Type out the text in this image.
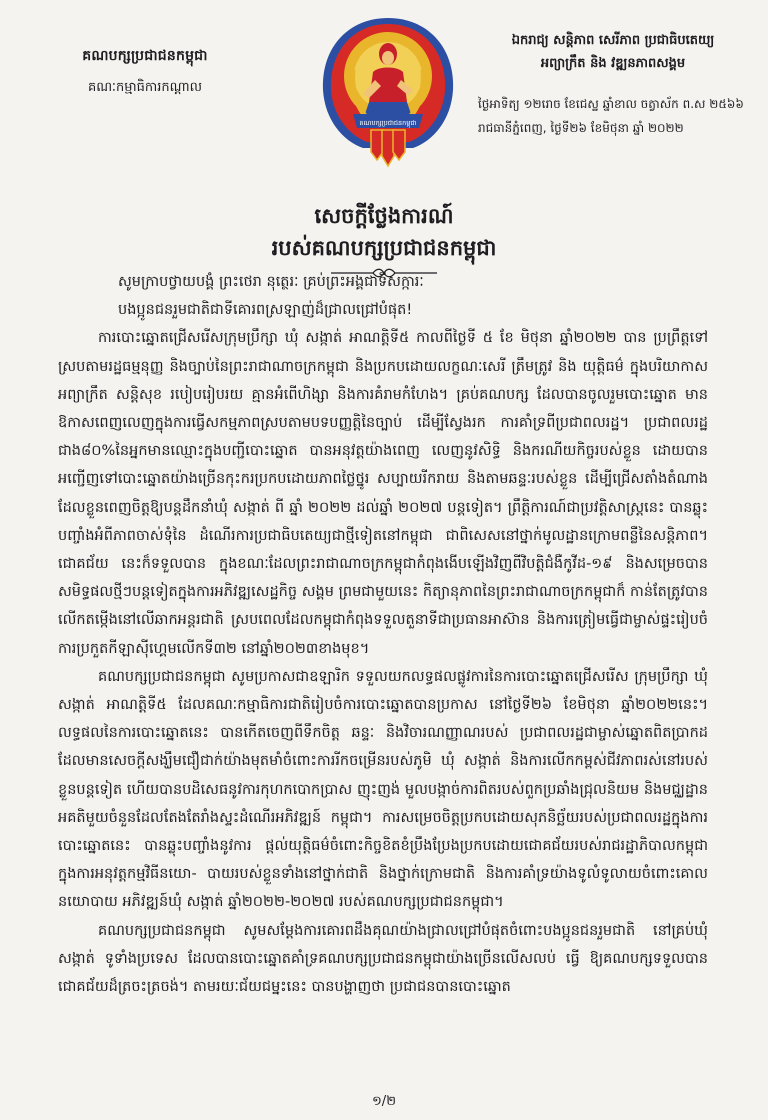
គណបក្សប្រជាជនកម្ពុជា
គណៈកម្មាធិការកណ្ដាល
គណបក្សប្រជាជនកម្ពុជា
ឯករាជ្យ សន្តិភាព សេរីភាព ប្រជាធិបតេយ្យ
អព្យាក្រឹត និង វឌ្ឍនភាពសង្គម
ថ្ងៃអាទិត្យ ១២រោច ខែជេស្ឋ ឆ្នាំខាល ចត្វាស័ក ព.ស ២៥៦៦
រាជធានីភ្នំពេញ, ថ្ងៃទី២៦ ខែមិថុនា ឆ្នាំ ២០២២
សេចក្ដីថ្លែងការណ៍
របស់គណបក្សប្រជាជនកម្ពុជា

សូមក្រាបថ្វាយបង្គំ ព្រះថេរា នុត្ថេរៈ គ្រប់ព្រះអង្គជាទីសក្ការៈ

បងប្អូនជនរួមជាតិជាទីគោរពស្រឡាញ់ដ៏ជ្រាលជ្រៅបំផុត!

ការបោះឆ្នោតជ្រើសរើសក្រុមប្រឹក្សា ឃុំ សង្កាត់ អាណត្តិទី៥ កាលពីថ្ងៃទី ៥ ខែ មិថុនា ឆ្នាំ២០២២ បាន ប្រព្រឹត្តទៅស្របតាមរដ្ឋធម្មនុញ្ញ និងច្បាប់នៃព្រះរាជាណាចក្រកម្ពុជា និងប្រកបដោយលក្ខណៈសេរី ត្រឹមត្រូវ និង យុត្តិធម៌ ក្នុងបរិយាកាស អព្យាក្រឹត សន្តិសុខ របៀបរៀបរយ គ្មានអំពើហិង្សា និងការគំរាមកំហែង។ គ្រប់គណបក្ស ដែលបានចូលរួមបោះឆ្នោត មានឱកាសពេញលេញក្នុងការធ្វើសកម្មភាពស្របតាមបទបញ្ញត្តិនៃច្បាប់ ដើម្បីស្វែងរក ការគាំទ្រពីប្រជាពលរដ្ឋ។ ប្រជាពលរដ្ឋជាង៨០%នៃអ្នកមានឈ្មោះក្នុងបញ្ជីបោះឆ្នោត បានអនុវត្តយ៉ាងពេញ លេញនូវសិទ្ធិ និងករណីយកិច្ចរបស់ខ្លួន ដោយបានអញ្ជើញទៅបោះឆ្នោតយ៉ាងច្រើនកុះករប្រកបដោយភាពថ្លៃថ្នូរ សប្បាយរីករាយ និងតាមឆន្ទៈរបស់ខ្លួន ដើម្បីជ្រើសតាំងតំណាងដែលខ្លួនពេញចិត្តឱ្យបន្តដឹកនាំឃុំ សង្កាត់ ពី ឆ្នាំ ២០២២ ដល់ឆ្នាំ ២០២៧ បន្តទៀត។ ព្រឹត្តិការណ៍ជាប្រវត្តិសាស្ត្រនេះ បានឆ្លុះបញ្ចាំងអំពីភាពចាស់ទុំនៃ ដំណើរការប្រជាធិបតេយ្យជាថ្មីទៀតនៅកម្ពុជា ជាពិសេសនៅថ្នាក់មូលដ្ឋានក្រោមពន្លឺនៃសន្តិភាព។ ជោគជ័យ នេះក៏ទទួលបាន ក្នុងខណៈដែលព្រះរាជាណាចក្រកម្ពុជាកំពុងងើបឡើងវិញពីវិបត្តិជំងឺកូវីដ-១៩ និងសម្រេចបាន សមិទ្ធផលថ្មីៗបន្តទៀតក្នុងការអភិវឌ្ឍសេដ្ឋកិច្ច សង្គម ព្រមជាមួយនេះ កិត្យានុភាពនៃព្រះរាជាណាចក្រកម្ពុជាក៏ កាន់តែត្រូវបានលើកតម្កើងនៅលើឆាកអន្តរជាតិ ស្របពេលដែលកម្ពុជាកំពុងទទួលតួនាទីជាប្រធានអាស៊ាន និងការត្រៀមធ្វើជាម្ចាស់ផ្ទះរៀបចំការប្រកួតកីឡាស៊ីហ្គេមលើកទី៣២ នៅឆ្នាំ២០២៣ខាងមុខ។

គណបក្សប្រជាជនកម្ពុជា សូមប្រកាសជាឧឡារិក ទទួលយកលទ្ធផលផ្លូវការនៃការបោះឆ្នោតជ្រើសរើស ក្រុមប្រឹក្សា ឃុំ សង្កាត់ អាណត្តិទី៥ ដែលគណៈកម្មាធិការជាតិរៀបចំការបោះឆ្នោតបានប្រកាស នៅថ្ងៃទី២៦ ខែមិថុនា ឆ្នាំ២០២២នេះ។ លទ្ធផលនៃការបោះឆ្នោតនេះ បានកើតចេញពីទឹកចិត្ត ឆន្ទៈ និងវិចារណញ្ញាណរបស់ ប្រជាពលរដ្ឋជាម្ចាស់ឆ្នោតពិតប្រាកដ ដែលមានសេចក្ដីសង្ឃឹមជឿជាក់យ៉ាងមុតមាំចំពោះការរីកចម្រើនរបស់ភូមិ ឃុំ សង្កាត់ និងការលើកកម្ពស់ជីវភាពរស់នៅរបស់ខ្លួនបន្តទៀត ហើយបានបដិសេធនូវការកុហកបោកប្រាស ញុះញង់ មួលបង្កាច់ការពិតរបស់ពួកប្រឆាំងជ្រុលនិយម និងមជ្ឈដ្ឋានអគតិមួយចំនួនដែលតែងតែរាំងស្ទះដំណើរអភិវឌ្ឍន៍ កម្ពុជា។ ការសម្រេចចិត្តប្រកបដោយសុភនិច្ឆ័យរបស់ប្រជាពលរដ្ឋក្នុងការបោះឆ្នោតនេះ បានឆ្លុះបញ្ចាំងនូវការ ផ្ដល់យុត្តិធម៌ចំពោះកិច្ចខិតខំប្រឹងប្រែងប្រកបដោយជោគជ័យរបស់រាជរដ្ឋាភិបាលកម្ពុជា ក្នុងការអនុវត្តកម្មវិធីនយោ- បាយរបស់ខ្លួនទាំងនៅថ្នាក់ជាតិ និងថ្នាក់ក្រោមជាតិ និងការគាំទ្រយ៉ាងទូលំទូលាយចំពោះគោលនយោបាយ អភិវឌ្ឍន៍ឃុំ សង្កាត់ ឆ្នាំ២០២២-២០២៧ របស់គណបក្សប្រជាជនកម្ពុជា។

គណបក្សប្រជាជនកម្ពុជា សូមសម្ដែងការគោរពដឹងគុណយ៉ាងជ្រាលជ្រៅបំផុតចំពោះបងប្អូនជនរួមជាតិ នៅគ្រប់ឃុំ សង្កាត់ ទូទាំងប្រទេស ដែលបានបោះឆ្នោតគាំទ្រគណបក្សប្រជាជនកម្ពុជាយ៉ាងច្រើនលើសលប់ ធ្វើ ឱ្យគណបក្សទទួលបានជោគជ័យដ៏ត្រចះត្រចង់។ តាមរយៈជ័យជម្នះនេះ បានបង្ហាញថា ប្រជាជនបានបោះឆ្នោត

១/២
